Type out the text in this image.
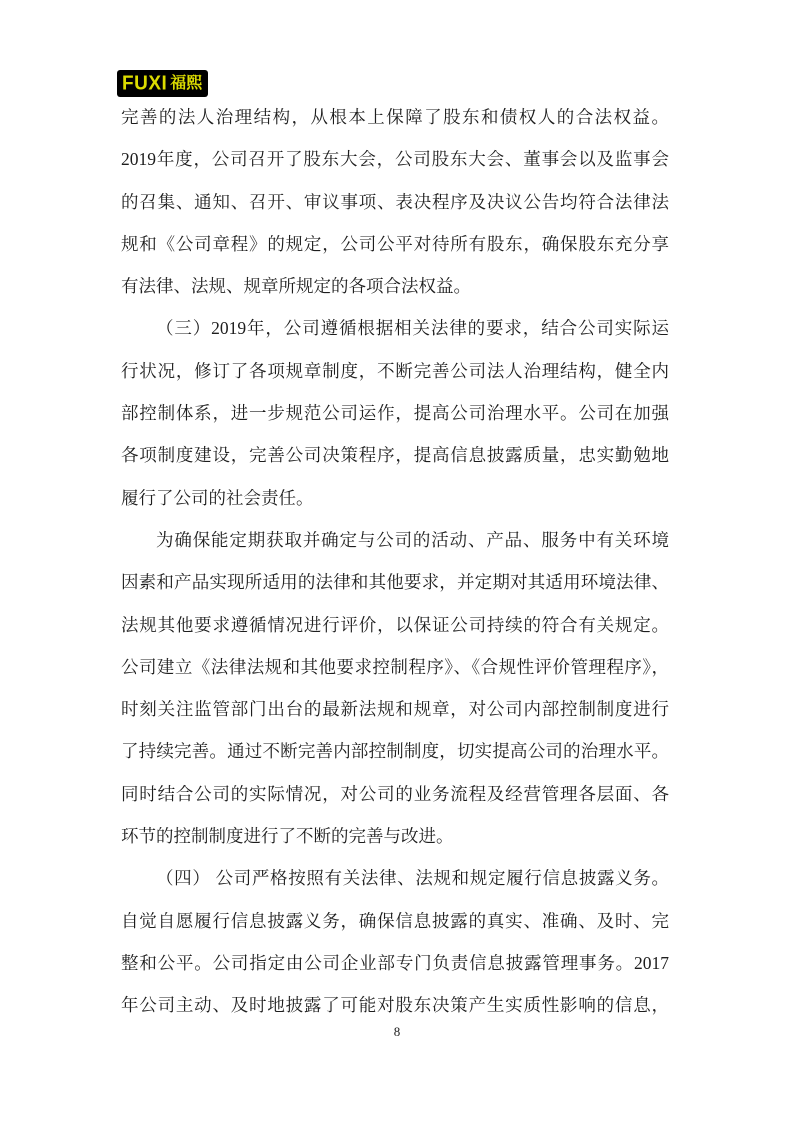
FUXI 福熙
完善的法人治理结构，从根本上保障了股东和债权人的合法权益。
2019年度，公司召开了股东大会，公司股东大会、董事会以及监事会
的召集、通知、召开、审议事项、表决程序及决议公告均符合法律法
规和《公司章程》的规定，公司公平对待所有股东，确保股东充分享
有法律、法规、规章所规定的各项合法权益。
（三）2019年，公司遵循根据相关法律的要求，结合公司实际运
行状况，修订了各项规章制度，不断完善公司法人治理结构，健全内
部控制体系，进一步规范公司运作，提高公司治理水平。公司在加强
各项制度建设，完善公司决策程序，提高信息披露质量，忠实勤勉地
履行了公司的社会责任。
为确保能定期获取并确定与公司的活动、产品、服务中有关环境
因素和产品实现所适用的法律和其他要求，并定期对其适用环境法律、
法规其他要求遵循情况进行评价，以保证公司持续的符合有关规定。
公司建立《法律法规和其他要求控制程序》、《合规性评价管理程序》，
时刻关注监管部门出台的最新法规和规章，对公司内部控制制度进行
了持续完善。通过不断完善内部控制制度，切实提高公司的治理水平。
同时结合公司的实际情况，对公司的业务流程及经营管理各层面、各
环节的控制制度进行了不断的完善与改进。
（四） 公司严格按照有关法律、法规和规定履行信息披露义务。
自觉自愿履行信息披露义务，确保信息披露的真实、准确、及时、完
整和公平。公司指定由公司企业部专门负责信息披露管理事务。2017
年公司主动、及时地披露了可能对股东决策产生实质性影响的信息，
8
